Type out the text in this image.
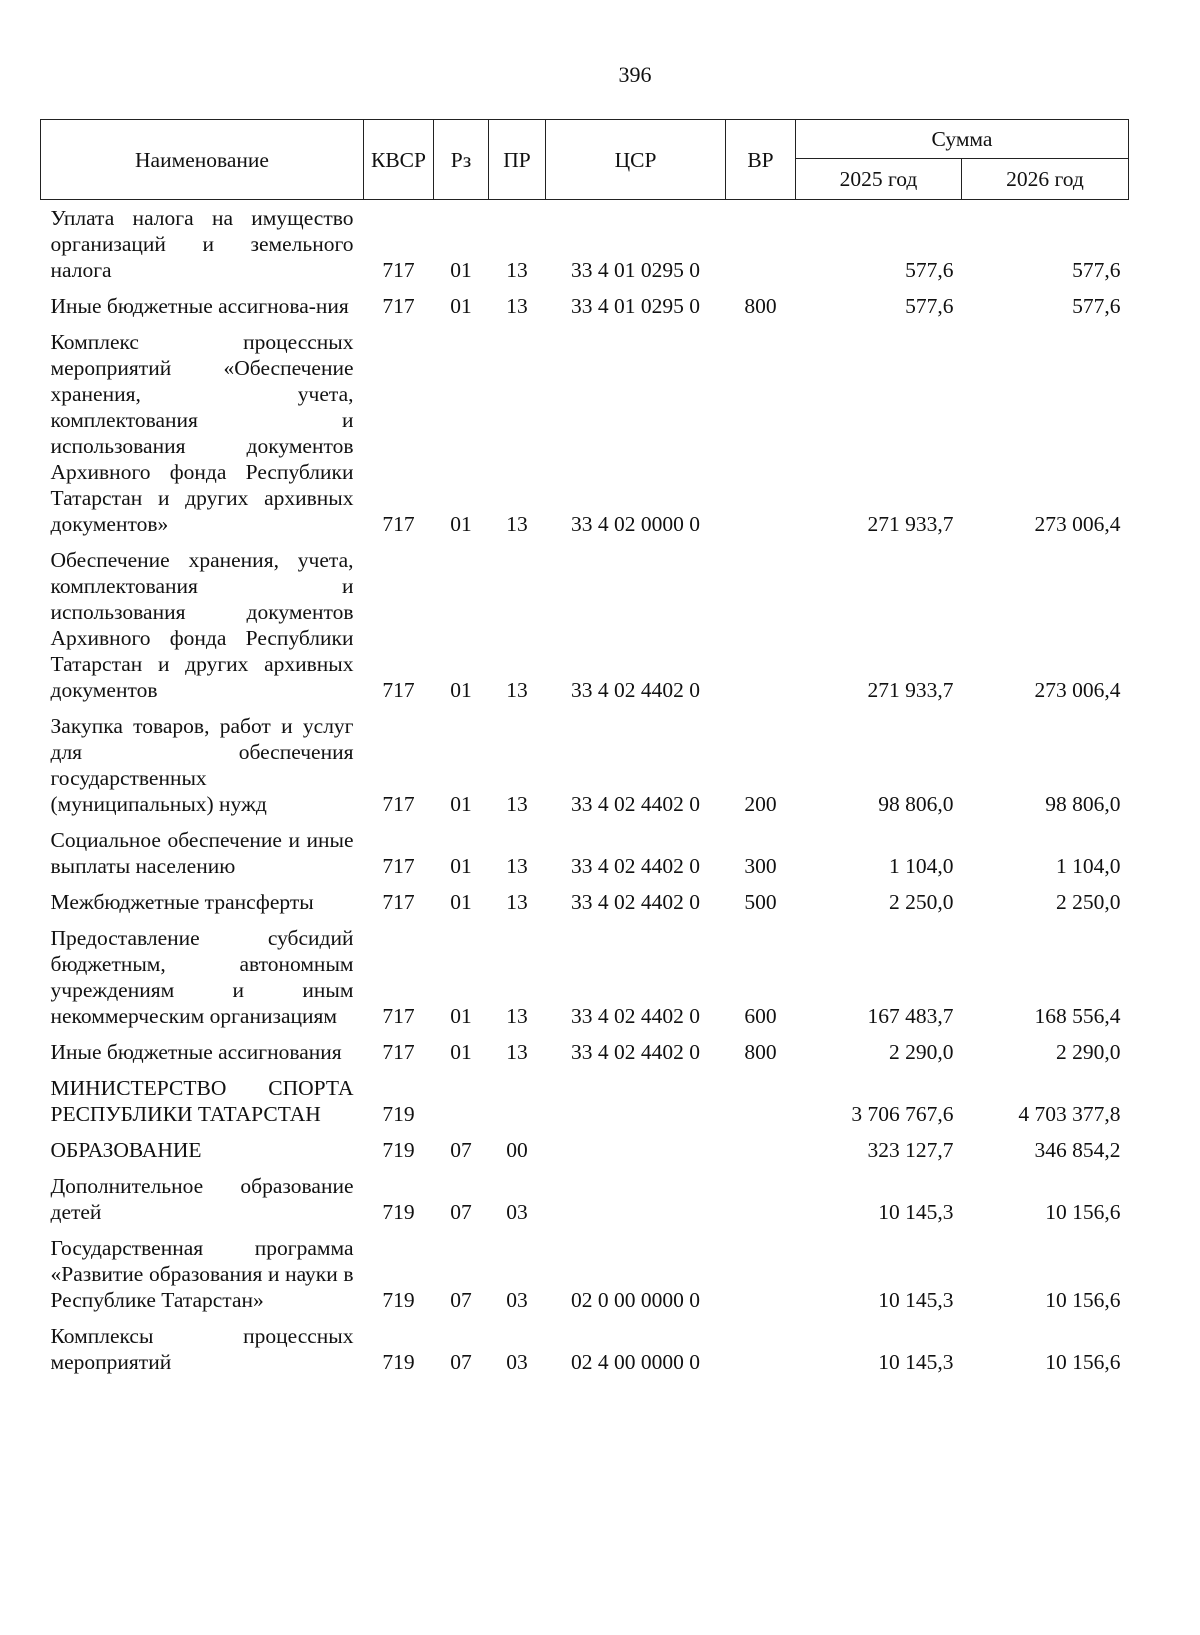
396
Наименование	КВСР	Рз	ПР	ЦСР	ВР	Сумма	
						2025 год	2026 год
Уплата налога на имущество организаций и земельного налога	717	01	13	33 4 01 0295 0		577,6	577,6
Иные бюджетные ассигнова-ния	717	01	13	33 4 01 0295 0	800	577,6	577,6
Комплекс процессных мероприятий «Обеспечение хранения, учета, комплектования и использования документов Архивного фонда Республики Татарстан и других архивных документов»	717	01	13	33 4 02 0000 0		271 933,7	273 006,4
Обеспечение хранения, учета, комплектования и использования документов Архивного фонда Республики Татарстан и других архивных документов	717	01	13	33 4 02 4402 0		271 933,7	273 006,4
Закупка товаров, работ и услуг для обеспечения государственных (муниципальных) нужд	717	01	13	33 4 02 4402 0	200	98 806,0	98 806,0
Социальное обеспечение и иные выплаты населению	717	01	13	33 4 02 4402 0	300	1 104,0	1 104,0
Межбюджетные трансферты	717	01	13	33 4 02 4402 0	500	2 250,0	2 250,0
Предоставление субсидий бюджетным, автономным учреждениям и иным некоммерческим организациям	717	01	13	33 4 02 4402 0	600	167 483,7	168 556,4
Иные бюджетные ассигнования	717	01	13	33 4 02 4402 0	800	2 290,0	2 290,0
МИНИСТЕРСТВО СПОРТА РЕСПУБЛИКИ ТАТАРСТАН	719					3 706 767,6	4 703 377,8
ОБРАЗОВАНИЕ	719	07	00			323 127,7	346 854,2
Дополнительное образование детей	719	07	03			10 145,3	10 156,6
Государственная программа «Развитие образования и науки в Республике Татарстан»	719	07	03	02 0 00 0000 0		10 145,3	10 156,6
Комплексы процессных мероприятий	719	07	03	02 4 00 0000 0		10 145,3	10 156,6
